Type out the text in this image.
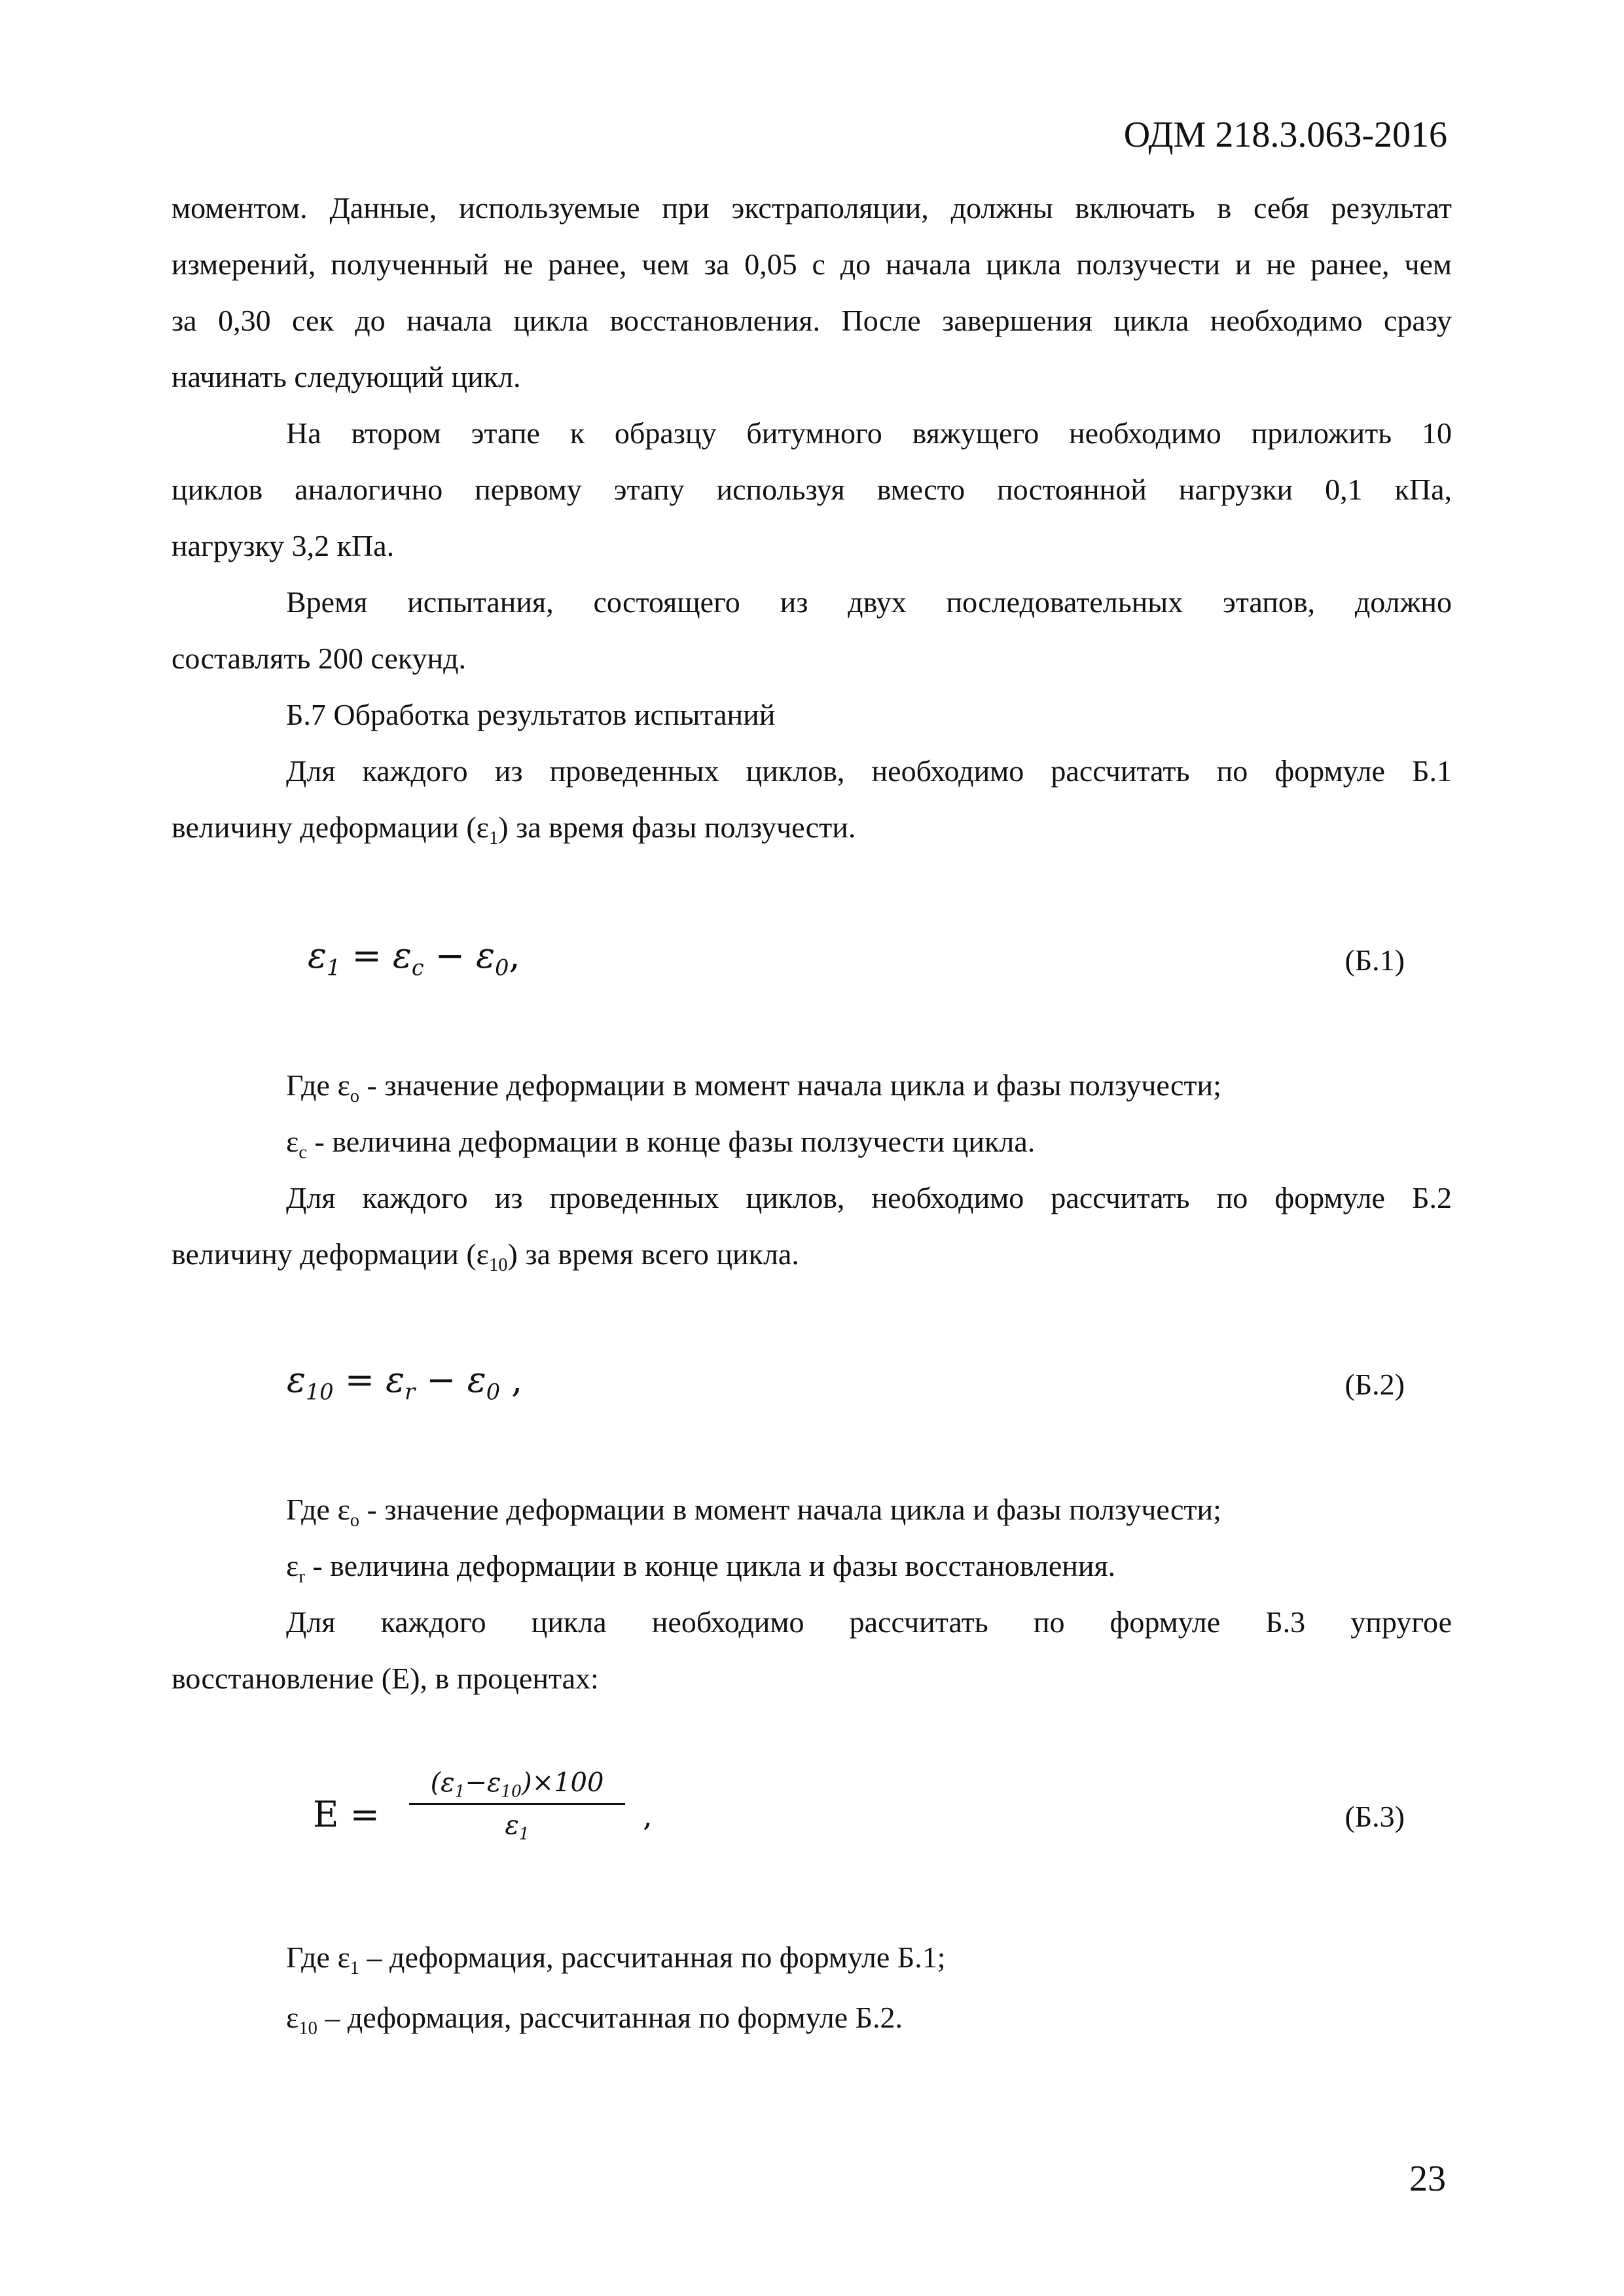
ОДМ 218.3.063-2016
моментом. Данные, используемые при экстраполяции, должны включать в себя результат
измерений, полученный не ранее, чем за 0,05 с до начала цикла ползучести и не ранее, чем
за 0,30 сек до начала цикла восстановления. После завершения цикла необходимо сразу
начинать следующий цикл.
На втором этапе к образцу битумного вяжущего необходимо приложить 10
циклов аналогично первому этапу используя вместо постоянной нагрузки 0,1 кПа,
нагрузку 3,2 кПа.
Время испытания, состоящего из двух последовательных этапов, должно
составлять 200 секунд.
Б.7 Обработка результатов испытаний
Для каждого из проведенных циклов, необходимо рассчитать по формуле Б.1
величину деформации $(\varepsilon_1)$ за время фазы ползучести.
Где $\varepsilon_о$ - значение деформации в момент начала цикла и фазы ползучести;
$\varepsilon_с$ - величина деформации в конце фазы ползучести цикла.
Для каждого из проведенных циклов, необходимо рассчитать по формуле Б.2
величину деформации $(\varepsilon_{10})$ за время всего цикла.
Где $\varepsilon_о$ - значение деформации в момент начала цикла и фазы ползучести;
$\varepsilon_r$ - величина деформации в конце цикла и фазы восстановления.
Для каждого цикла необходимо рассчитать по формуле Б.3 упругое
восстановление (Е), в процентах:
Где $\varepsilon_1$ – деформация, рассчитанная по формуле Б.1;
$\varepsilon_{10}$ – деформация, рассчитанная по формуле Б.2.
$\varepsilon_1 = \varepsilon_c - \varepsilon_0$,	(Б.1)
$\varepsilon_{10} = \varepsilon_r - \varepsilon_0$ ,	(Б.2)
E =
$(\varepsilon_1-\varepsilon_{10})\times 100$
$\varepsilon_1$
,	(Б.3)
23
